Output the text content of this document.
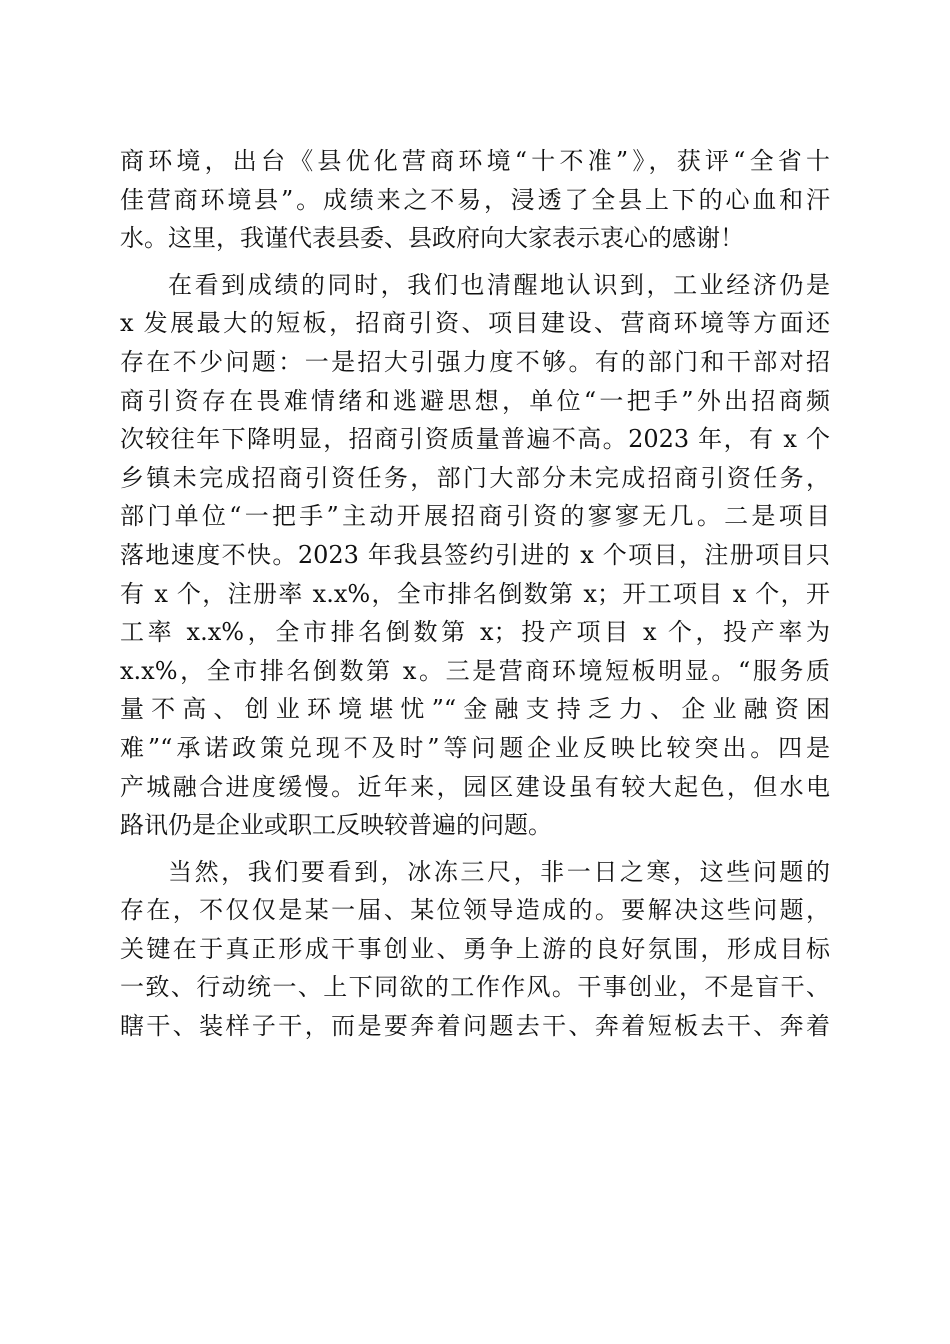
商环境，出台《县优化营商环境“十不准”》，获评“全省十
佳营商环境县”。成绩来之不易，浸透了全县上下的心血和汗
水。这里，我谨代表县委、县政府向大家表示衷心的感谢！
在看到成绩的同时，我们也清醒地认识到，工业经济仍是
x 发展最大的短板，招商引资、项目建设、营商环境等方面还
存在不少问题：一是招大引强力度不够。有的部门和干部对招
商引资存在畏难情绪和逃避思想，单位“一把手”外出招商频
次较往年下降明显，招商引资质量普遍不高。2023 年，有 x 个
乡镇未完成招商引资任务，部门大部分未完成招商引资任务，
部门单位“一把手”主动开展招商引资的寥寥无几。二是项目
落地速度不快。2023 年我县签约引进的 x 个项目，注册项目只
有 x 个，注册率 x.x%，全市排名倒数第 x；开工项目 x 个，开
工率 x.x%，全市排名倒数第 x；投产项目 x 个，投产率为
x.x%，全市排名倒数第 x。三是营商环境短板明显。“服务质
量不高、创业环境堪忧”“金融支持乏力、企业融资困
难”“承诺政策兑现不及时”等问题企业反映比较突出。四是
产城融合进度缓慢。近年来，园区建设虽有较大起色，但水电
路讯仍是企业或职工反映较普遍的问题。
当然，我们要看到，冰冻三尺，非一日之寒，这些问题的
存在，不仅仅是某一届、某位领导造成的。要解决这些问题，
关键在于真正形成干事创业、勇争上游的良好氛围，形成目标
一致、行动统一、上下同欲的工作作风。干事创业，不是盲干、
瞎干、装样子干，而是要奔着问题去干、奔着短板去干、奔着
